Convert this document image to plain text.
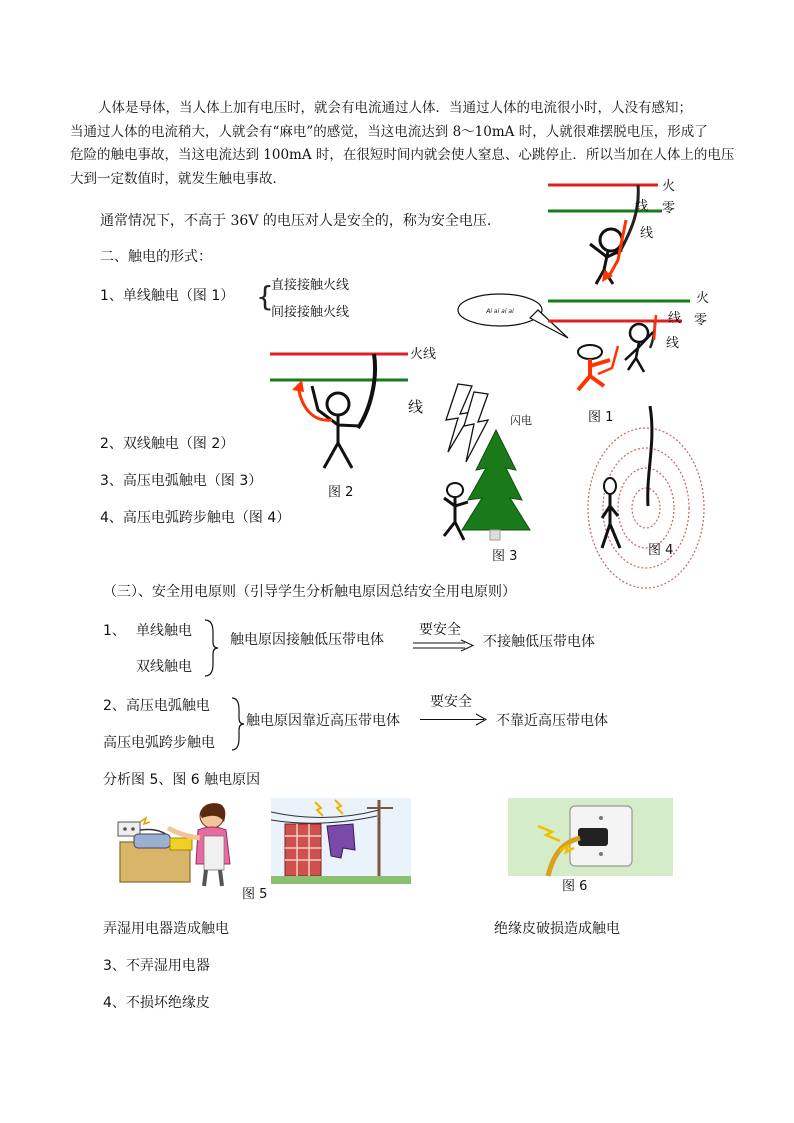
人体是导体，当人体上加有电压时，就会有电流通过人体．当通过人体的电流很小时，人没有感知；

当通过人体的电流稍大，人就会有“麻电”的感觉，当这电流达到 8～10mA 时，人就很难摆脱电压，形成了

危险的触电事故，当这电流达到 100mA 时，在很短时间内就会使人窒息、心跳停止．所以当加在人体上的电压

大到一定数值时，就发生触电事故．

通常情况下，不高于 36V 的电压对人是安全的，称为安全电压．
二、触电的形式：
1、单线触电（图 1） {
直接接触火线
间接接触火线
2、双线触电（图 2）
3、高压电弧触电（图 3）
4、高压电弧跨步触电（图 4）
火
线 零
线
Ai ai ai ai
火
线 零
线
图 1
火线
线
图 2
闪电
图 3	图 4
（三）、安全用电原则（引导学生分析触电原因总结安全用电原则）
1、 单线触电
双线触电
触电原因接触低压带电体
要安全
不接触低压带电体
2、高压电弧触电
高压电弧跨步触电
触电原因靠近高压带电体
要安全
不靠近高压带电体
分析图 5、图 6 触电原因
图 5
图 6
弄湿用电器造成触电	绝缘皮破损造成触电
3、不弄湿用电器
4、不损坏绝缘皮
